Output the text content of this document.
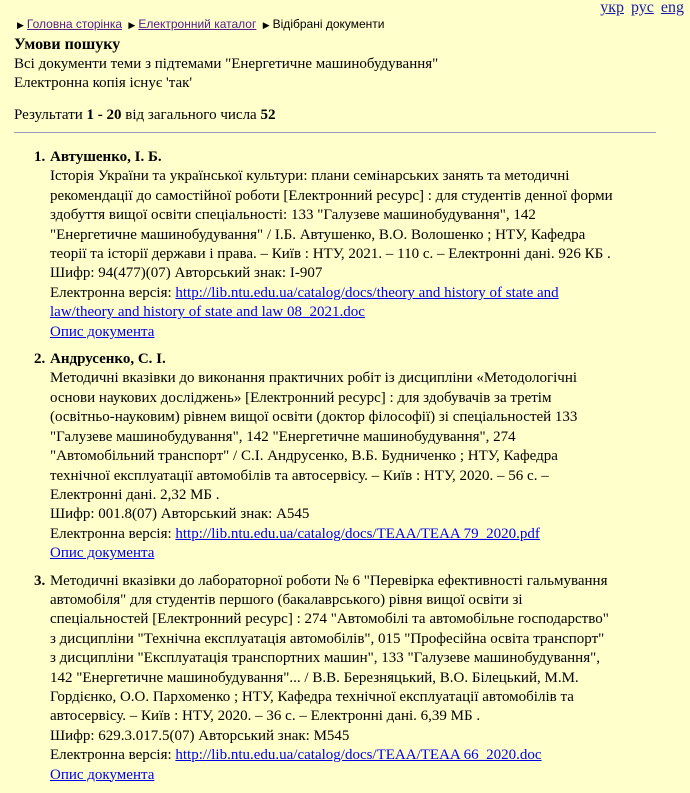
укр рус eng
▶ Головна сторінка ▶ Електронний каталог ▶ Відібрані документи
Умови пошуку
Всі документи теми з підтемами "Енергетичне машинобудування"
Електронна копія існує 'так'
Результати 1 - 20 від загального числа 52
1. Автушенко, І. Б.
Історія України та української культури: плани семінарських занять та методичні
рекомендації до самостійної роботи [Електронний ресурс] : для студентів денної форми
здобуття вищої освіти спеціальності: 133 "Галузеве машинобудування", 142
"Енергетичне машинобудування" / І.Б. Автушенко, В.О. Волошенко ; НТУ, Кафедра
теорії та історії держави і права. – Київ : НТУ, 2021. – 110 с. – Електронні дані. 926 КБ .
Шифр: 94(477)(07) Авторський знак: І-907
Електронна версія: http://lib.ntu.edu.ua/catalog/docs/theory and history of state and
law/theory and history of state and law 08_2021.doc
Опис документа
2. Андрусенко, С. І.
Методичні вказівки до виконання практичних робіт із дисципліни «Методологічні
основи наукових досліджень» [Електронний ресурс] : для здобувачів за третім
(освітньо-науковим) рівнем вищої освіти (доктор філософії) зі спеціальностей 133
"Галузеве машинобудування", 142 "Енергетичне машинобудування", 274
"Автомобільний транспорт" / С.І. Андрусенко, В.Б. Будниченко ; НТУ, Кафедра
технічної експлуатації автомобілів та автосервісу. – Київ : НТУ, 2020. – 56 с. –
Електронні дані. 2,32 МБ .
Шифр: 001.8(07) Авторський знак: А545
Електронна версія: http://lib.ntu.edu.ua/catalog/docs/TEAA/TEAA 79_2020.pdf
Опис документа
3. Методичні вказівки до лабораторної роботи № 6 "Перевірка ефективності гальмування
автомобіля" для студентів першого (бакалаврського) рівня вищої освіти зі
спеціальностей [Електронний ресурс] : 274 "Автомобілі та автомобільне господарство"
з дисципліни "Технічна експлуатація автомобілів", 015 "Професійна освіта транспорт"
з дисципліни "Експлуатація транспортних машин", 133 "Галузеве машинобудування",
142 "Енергетичне машинобудування"... / В.В. Березняцький, В.О. Білецький, М.М.
Гордієнко, О.О. Пархоменко ; НТУ, Кафедра технічної експлуатації автомобілів та
автосервісу. – Київ : НТУ, 2020. – 36 с. – Електронні дані. 6,39 МБ .
Шифр: 629.3.017.5(07) Авторський знак: М545
Електронна версія: http://lib.ntu.edu.ua/catalog/docs/TEAA/TEAA 66_2020.doc
Опис документа
